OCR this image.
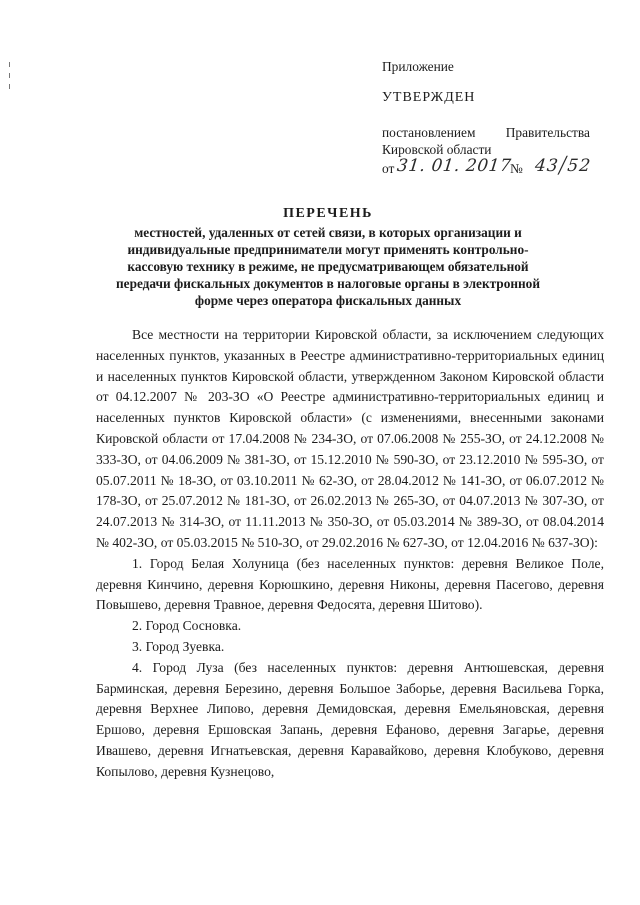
Приложение
УТВЕРЖДЕН
постановлением Правительства
Кировской области
от 31. 01. 2017
№ 43/52
ПЕРЕЧЕНЬ
местностей, удаленных от сетей связи, в которых организации и индивидуальные предприниматели могут применять контрольно-кассовую технику в режиме, не предусматривающем обязательной передачи фискальных документов в налоговые органы в электронной форме через оператора фискальных данных

Все местности на территории Кировской области, за исключением следующих населенных пунктов, указанных в Реестре административно-территориальных единиц и населенных пунктов Кировской области, утвержденном Законом Кировской области от 04.12.2007 № 203-ЗО «О Реестре административно-территориальных единиц и населенных пунктов Кировской области» (с изменениями, внесенными законами Кировской области от 17.04.2008 № 234-ЗО, от 07.06.2008 № 255-ЗО, от 24.12.2008 № 333-ЗО, от 04.06.2009 № 381-ЗО, от 15.12.2010 № 590-ЗО, от 23.12.2010 № 595-ЗО, от 05.07.2011 № 18-ЗО, от 03.10.2011 № 62-ЗО, от 28.04.2012 № 141-ЗО, от 06.07.2012 № 178-ЗО, от 25.07.2012 № 181-ЗО, от 26.02.2013 № 265-ЗО, от 04.07.2013 № 307-ЗО, от 24.07.2013 № 314-ЗО, от 11.11.2013 № 350-ЗО, от 05.03.2014 № 389-ЗО, от 08.04.2014 № 402-ЗО, от 05.03.2015 № 510-ЗО, от 29.02.2016 № 627-ЗО, от 12.04.2016 № 637-ЗО):

1. Город Белая Холуница (без населенных пунктов: деревня Великое Поле, деревня Кинчино, деревня Корюшкино, деревня Никоны, деревня Пасегово, деревня Повышево, деревня Травное, деревня Федосята, деревня Шитово).

2. Город Сосновка.

3. Город Зуевка.

4. Город Луза (без населенных пунктов: деревня Антюшевская, деревня Барминская, деревня Березино, деревня Большое Заборье, деревня Васильева Горка, деревня Верхнее Липово, деревня Демидовская, деревня Емельяновская, деревня Ершово, деревня Ершовская Запань, деревня Ефаново, деревня Загарье, деревня Ивашево, деревня Игнатьевская, деревня Каравайково, деревня Клобуково, деревня Копылово, деревня Кузнецово,
